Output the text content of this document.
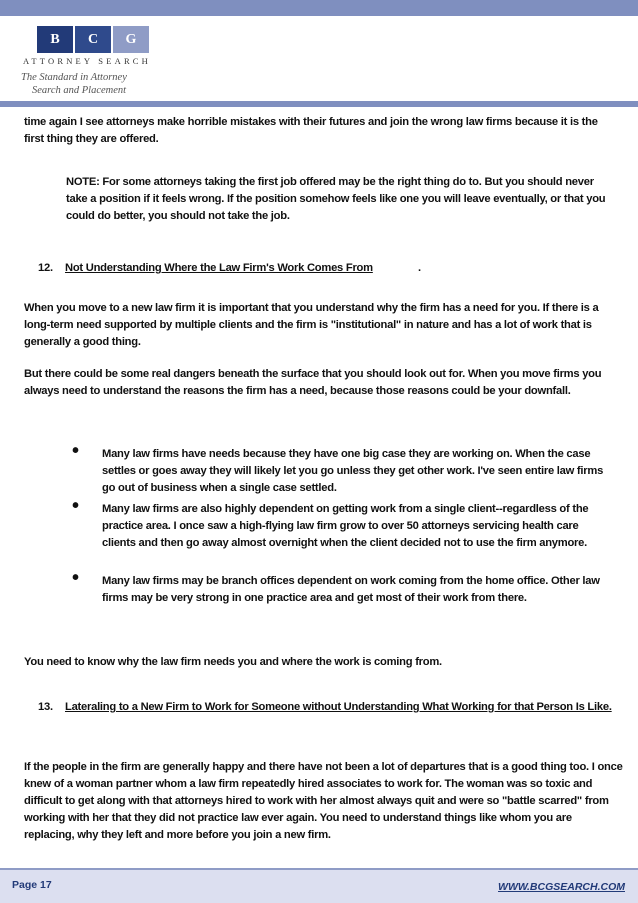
B	C	G
ATTORNEY SEARCH
The Standard in Attorney
Search and Placement
time again I see attorneys make horrible mistakes with their futures and join the wrong law firms because it is the first thing they are offered.
NOTE: For some attorneys taking the first job offered may be the right thing do to. But you should never take a position if it feels wrong. If the position somehow feels like one you will leave eventually, or that you could do better, you should not take the job.
12. Not Understanding Where the Law Firm's Work Comes From	.
When you move to a new law firm it is important that you understand why the firm has a need for you. If there is a long-term need supported by multiple clients and the firm is "institutional" in nature and has a lot of work that is generally a good thing.
But there could be some real dangers beneath the surface that you should look out for. When you move firms you always need to understand the reasons the firm has a need, because those reasons could be your downfall.
• Many law firms have needs because they have one big case they are working on. When the case settles or goes away they will likely let you go unless they get other work. I've seen entire law firms go out of business when a single case settled.
• Many law firms are also highly dependent on getting work from a single client--regardless of the practice area. I once saw a high-flying law firm grow to over 50 attorneys servicing health care clients and then go away almost overnight when the client decided not to use the firm anymore.
• Many law firms may be branch offices dependent on work coming from the home office. Other law firms may be very strong in one practice area and get most of their work from there.
You need to know why the law firm needs you and where the work is coming from.
13. Lateraling to a New Firm to Work for Someone without Understanding What Working for that Person Is Like.
If the people in the firm are generally happy and there have not been a lot of departures that is a good thing too. I once knew of a woman partner whom a law firm repeatedly hired associates to work for. The woman was so toxic and difficult to get along with that attorneys hired to work with her almost always quit and were so "battle scarred" from working with her that they did not practice law ever again. You need to understand things like whom you are replacing, why they left and more before you join a new firm.
Page 17	WWW.BCGSEARCH.COM
